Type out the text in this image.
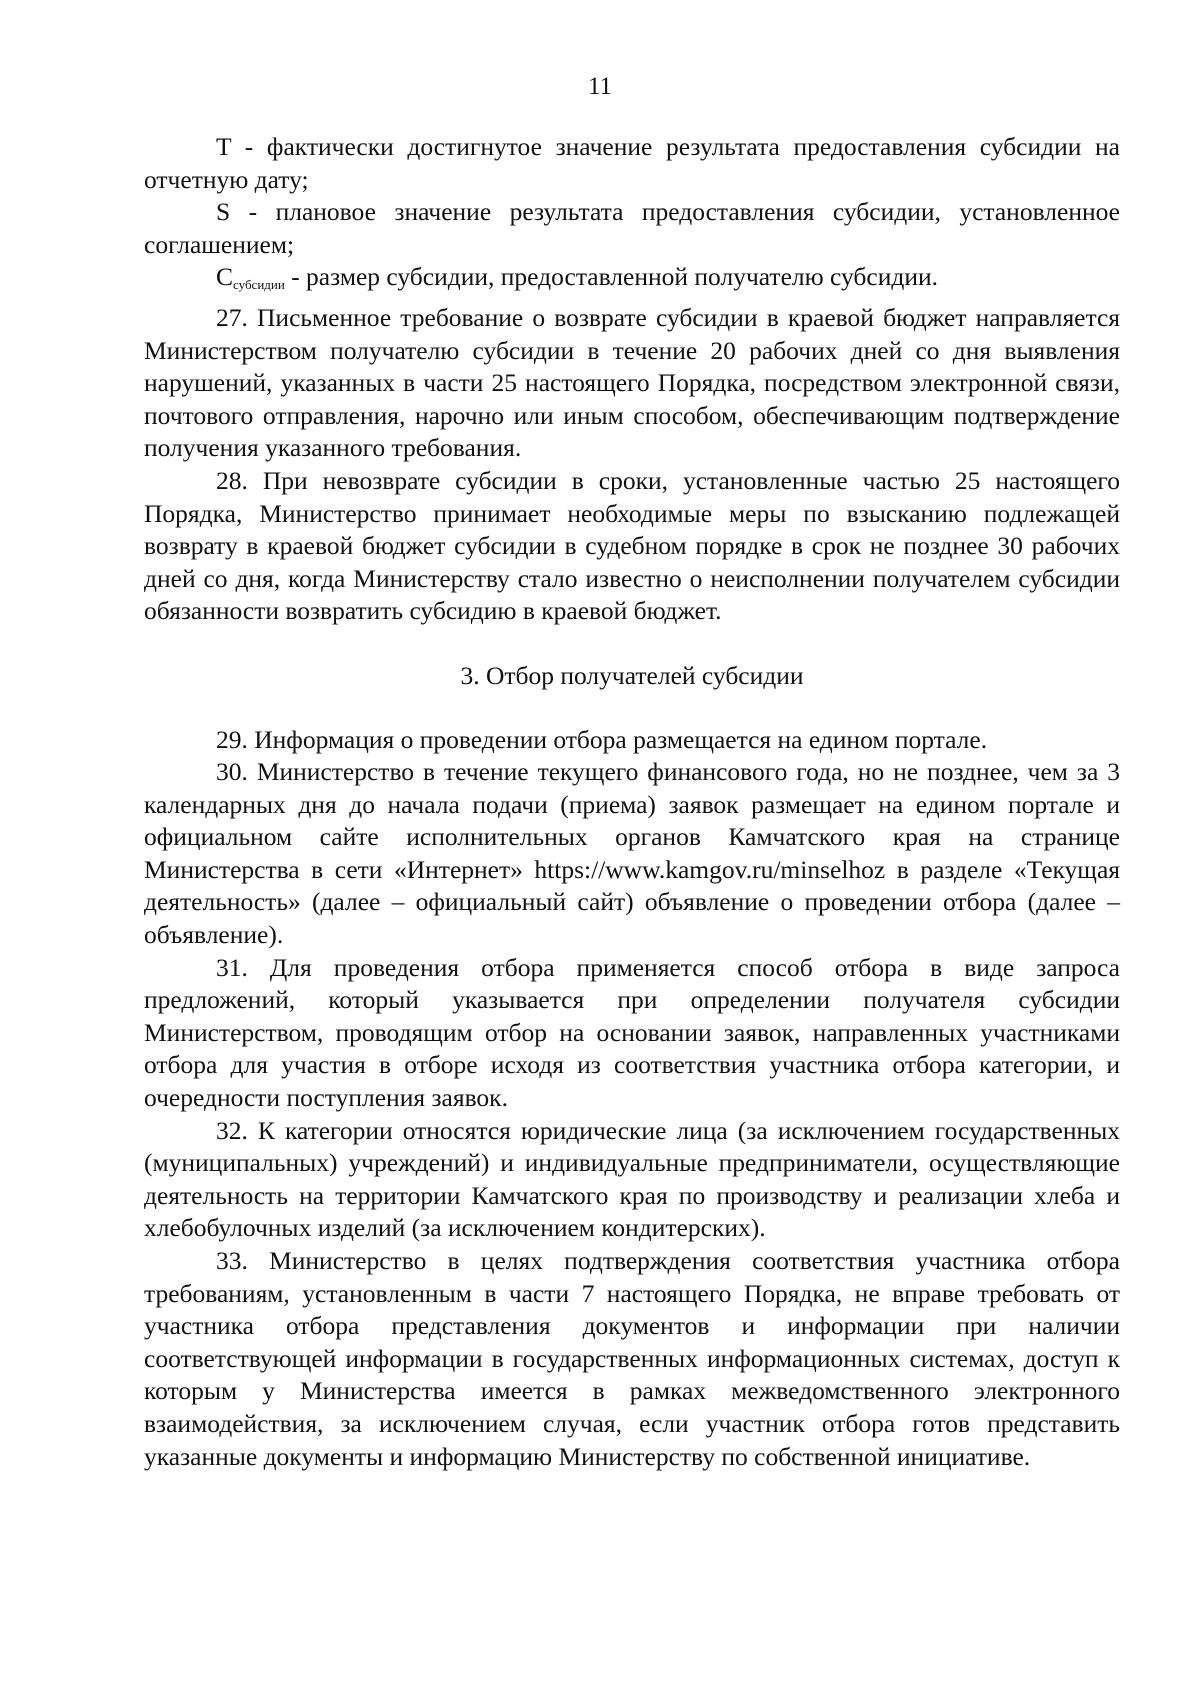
11

T - фактически достигнутое значение результата предоставления субсидии на отчетную дату;

S - плановое значение результата предоставления субсидии, установленное соглашением;

$С_{субсидии}$ - размер субсидии, предоставленной получателю субсидии.

27. Письменное требование о возврате субсидии в краевой бюджет направляется Министерством получателю субсидии в течение 20 рабочих дней со дня выявления нарушений, указанных в части 25 настоящего Порядка, посредством электронной связи, почтового отправления, нарочно или иным способом, обеспечивающим подтверждение получения указанного требования.

28. При невозврате субсидии в сроки, установленные частью 25 настоящего Порядка, Министерство принимает необходимые меры по взысканию подлежащей возврату в краевой бюджет субсидии в судебном порядке в срок не позднее 30 рабочих дней со дня, когда Министерству стало известно о неисполнении получателем субсидии обязанности возвратить субсидию в краевой бюджет.

3. Отбор получателей субсидии

29. Информация о проведении отбора размещается на едином портале.

30. Министерство в течение текущего финансового года, но не позднее, чем за 3 календарных дня до начала подачи (приема) заявок размещает на едином портале и официальном сайте исполнительных органов Камчатского края на странице Министерства в сети «Интернет» https://www.kamgov.ru/minselhoz в разделе «Текущая деятельность» (далее – официальный сайт) объявление о проведении отбора (далее – объявление).

31. Для проведения отбора применяется способ отбора в виде запроса предложений, который указывается при определении получателя субсидии Министерством, проводящим отбор на основании заявок, направленных участниками отбора для участия в отборе исходя из соответствия участника отбора категории, и очередности поступления заявок.

32. К категории относятся юридические лица (за исключением государственных (муниципальных) учреждений) и индивидуальные предприниматели, осуществляющие деятельность на территории Камчатского края по производству и реализации хлеба и хлебобулочных изделий (за исключением кондитерских).

33. Министерство в целях подтверждения соответствия участника отбора требованиям, установленным в части 7 настоящего Порядка, не вправе требовать от участника отбора представления документов и информации при наличии соответствующей информации в государственных информационных системах, доступ к которым у Министерства имеется в рамках межведомственного электронного взаимодействия, за исключением случая, если участник отбора готов представить указанные документы и информацию Министерству по собственной инициативе.
